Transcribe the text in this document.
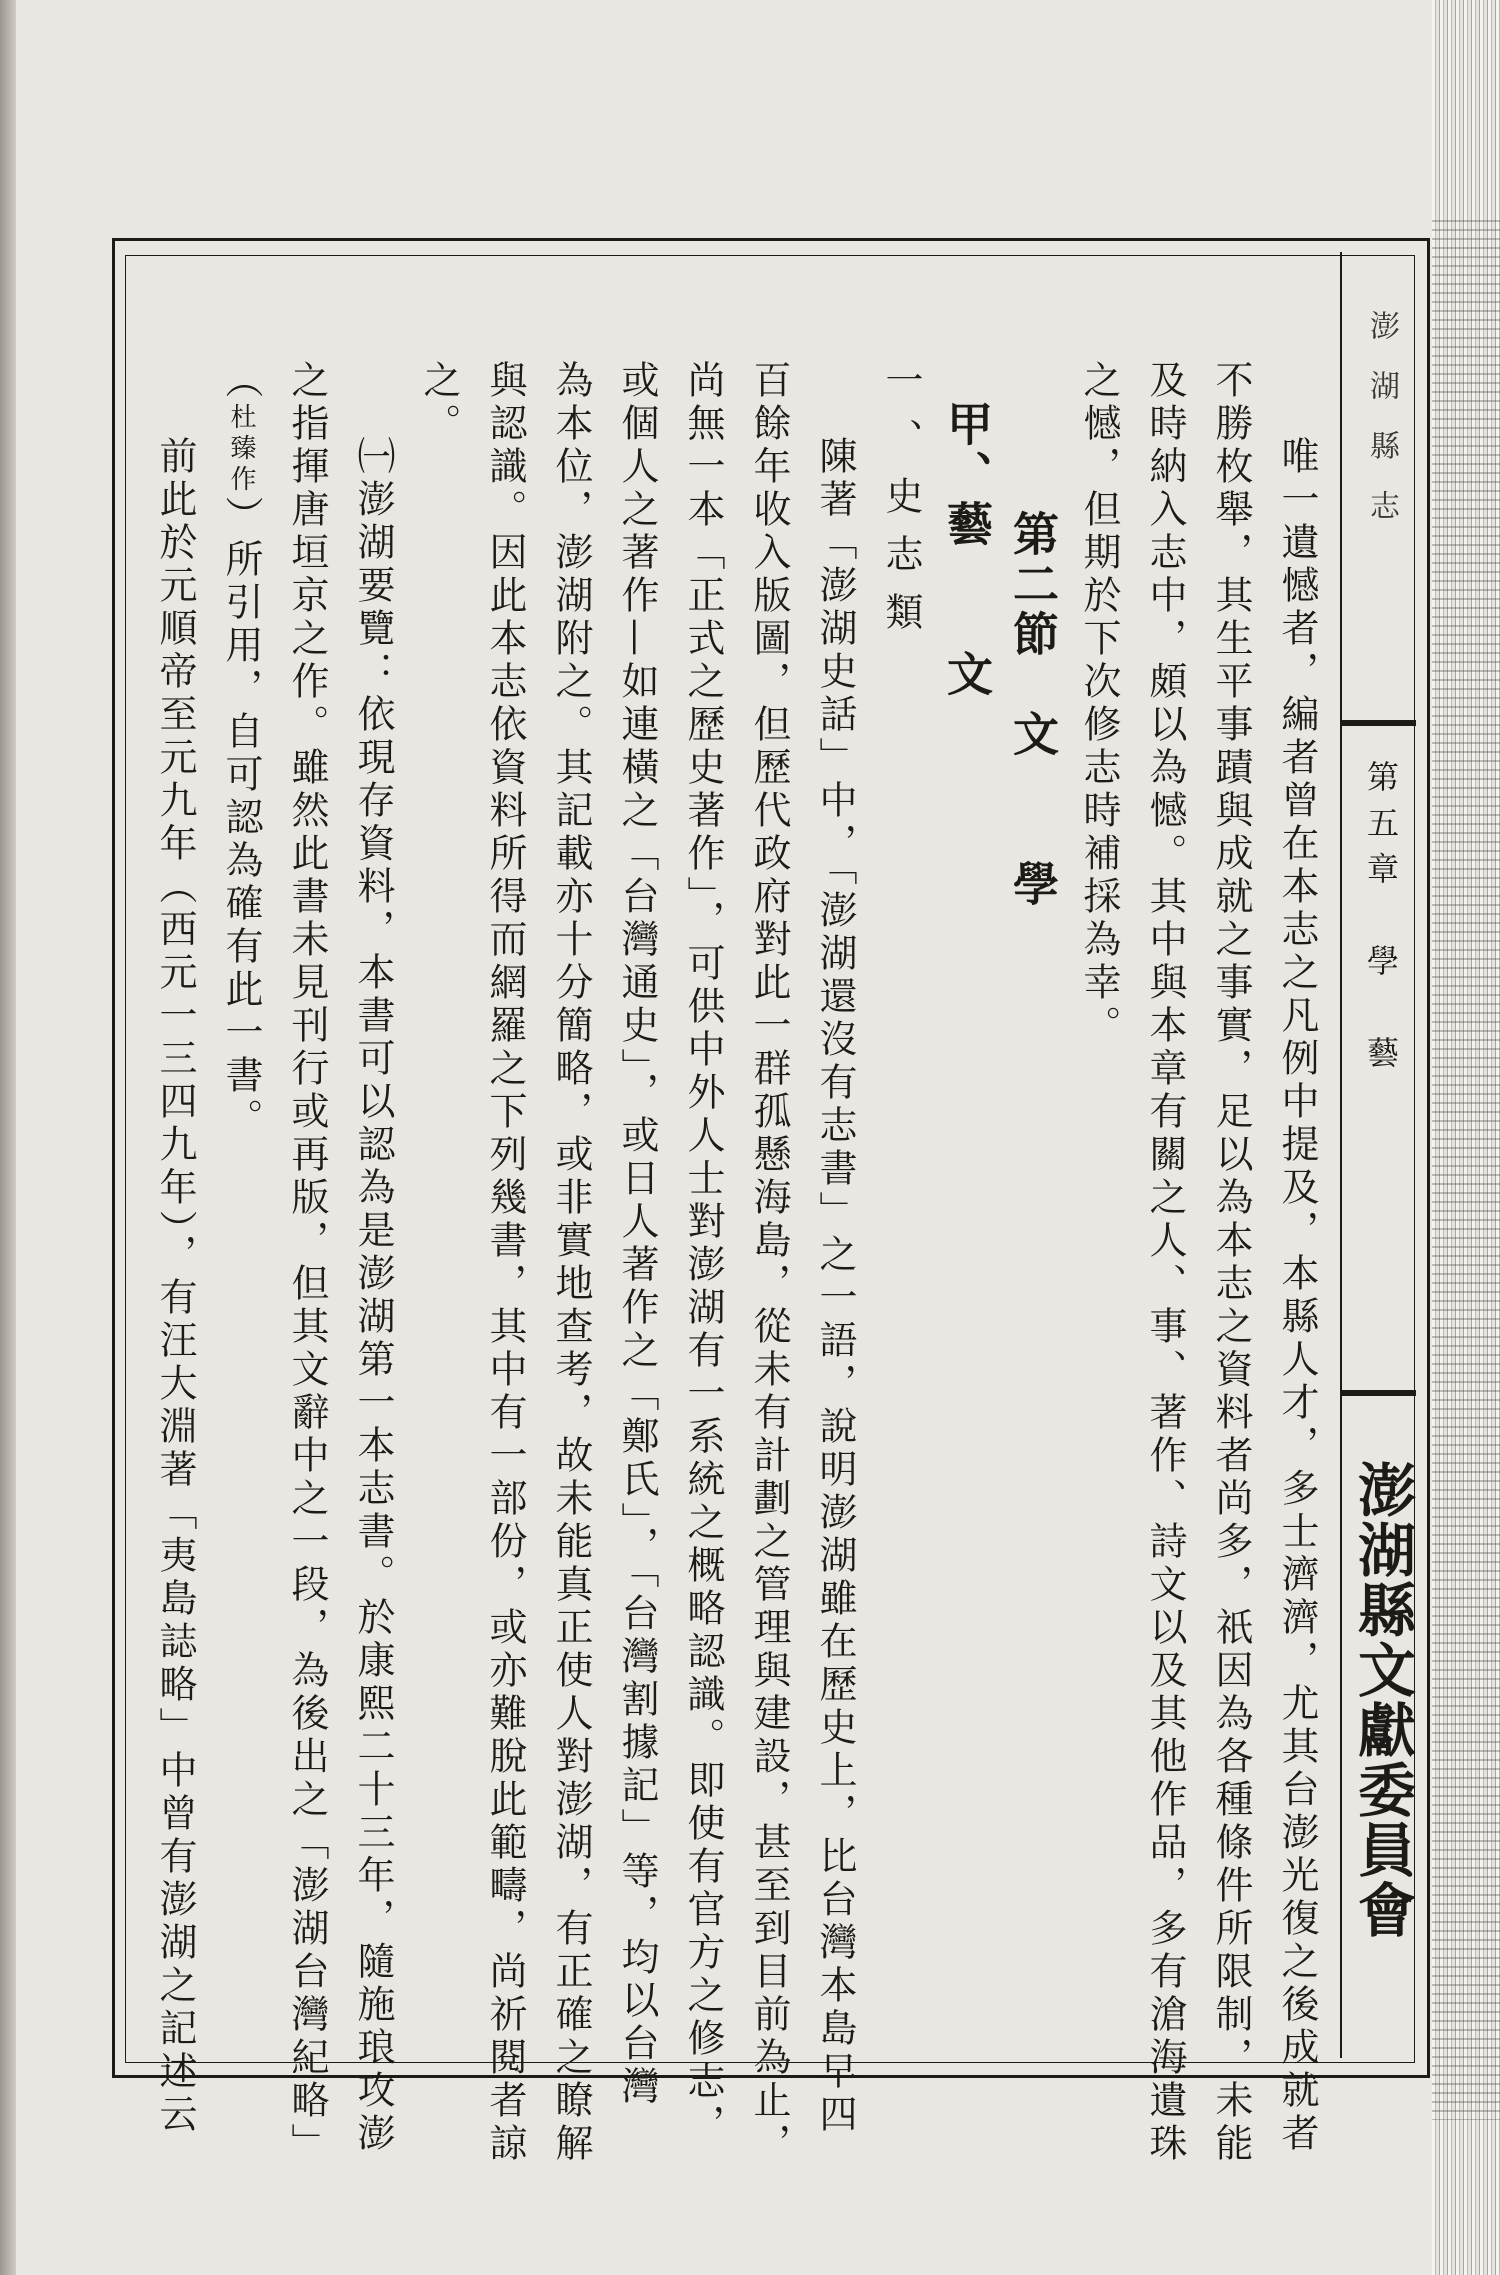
澎湖縣志
第五章　學　藝
澎湖縣文獻委員會
唯一遺憾者，編者曾在本志之凡例中提及，本縣人才，多士濟濟，尤其台澎光復之後成就者
不勝枚舉，其生平事蹟與成就之事實，足以為本志之資料者尚多，祇因為各種條件所限制，未能
及時納入志中，頗以為憾。其中與本章有關之人、事、著作、詩文以及其他作品，多有滄海遺珠
之憾，但期於下次修志時補採為幸。
第二節　文　　學
甲、藝　　文
一、史志類
陳著「澎湖史話」中，「澎湖還沒有志書」之一語，說明澎湖雖在歷史上，比台灣本島早四
百餘年收入版圖，但歷代政府對此一群孤懸海島，從未有計劃之管理與建設，甚至到目前為止，
尚無一本「正式之歷史著作」，可供中外人士對澎湖有一系統之概略認識。即使有官方之修志，
或個人之著作—如連橫之「台灣通史」，或日人著作之「鄭氏」，「台灣割據記」等，均以台灣
為本位，澎湖附之。其記載亦十分簡略，或非實地查考，故未能真正使人對澎湖，有正確之瞭解
與認識。因此本志依資料所得而網羅之下列幾書，其中有一部份，或亦難脫此範疇，尚祈閱者諒
之。
㈠澎湖要覽：依現存資料，本書可以認為是澎湖第一本志書。於康熙二十三年，隨施琅攻澎
之指揮唐垣京之作。雖然此書未見刊行或再版，但其文辭中之一段，為後出之「澎湖台灣紀略」
（杜臻作）所引用，自可認為確有此一書。
前此於元順帝至元九年（西元一三四九年），有汪大淵著「夷島誌略」中曾有澎湖之記述云
